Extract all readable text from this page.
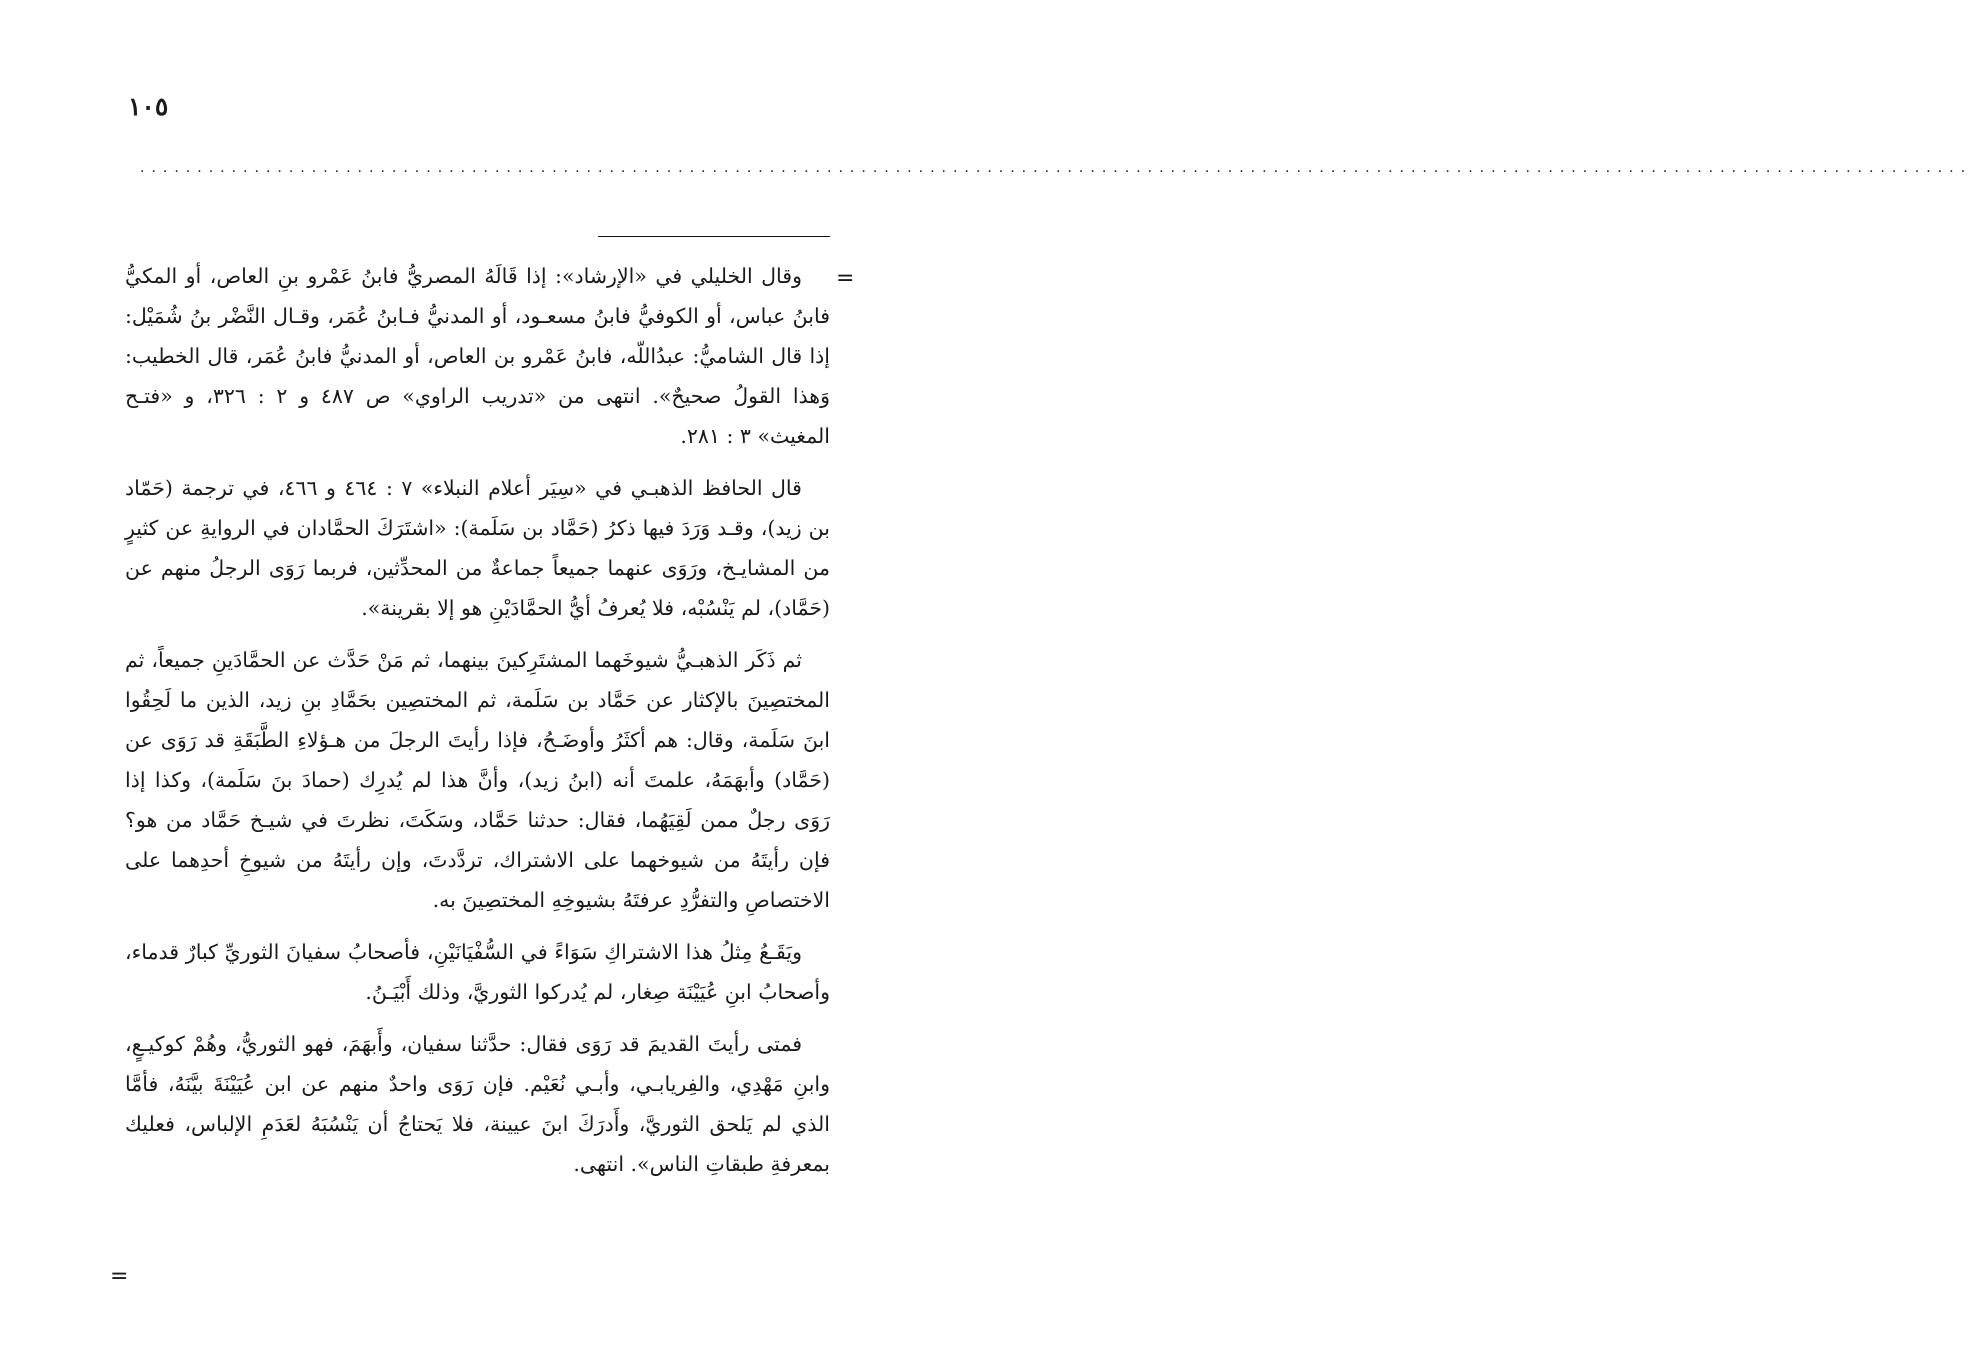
١٠٥
................................................................................................................................................................
=

وقال الخليلي في «الإرشاد»: إذا قَالَهُ المصريُّ فابنُ عَمْرو بنِ العاص، أو المكيُّ فابنُ عباس، أو الكوفيُّ فابنُ مسعـود، أو المدنيُّ فـابنُ عُمَر، وقـال النَّضْر بنُ شُمَيْل: إذا قال الشاميُّ: عبدُاللّه، فابنُ عَمْرو بن العاص، أو المدنيُّ فابنُ عُمَر، قال الخطيب: وَهذا القولُ صحيحٌ». انتهى من «تدريب الراوي» ص ٤٨٧ و ٢ : ٣٢٦، و «فتـح المغيث» ٣ : ٢٨١.

قال الحافظ الذهبـي في «سِيَر أعلام النبلاء» ٧ : ٤٦٤ و ٤٦٦، في ترجمة (حَمّاد بن زيد)، وقـد وَرَدَ فيها ذكرُ (حَمَّاد بن سَلَمة): «اشتَرَكَ الحمَّادان في الروايةِ عن كثيرٍ من المشايـخ، ورَوَى عنهما جميعاً جماعةٌ من المحدِّثين، فربما رَوَى الرجلُ منهم عن (حَمَّاد)، لم يَنْسُبْه، فلا يُعرفُ أيُّ الحمَّادَيْنِ هو إلا بقرينة».

ثم ذَكَر الذهبـيُّ شيوخَهما المشتَرِكينَ بينهما، ثم مَنْ حَدَّث عن الحمَّادَينِ جميعاً، ثم المختصِينَ بالإكثار عن حَمَّاد بن سَلَمة، ثم المختصِين بحَمَّادِ بنِ زيد، الذين ما لَحِقُوا ابنَ سَلَمة، وقال: هم أكثَرُ وأوضَـحُ، فإذا رأيتَ الرجلَ من هـؤلاءِ الطَّبَقَةِ قد رَوَى عن (حَمَّاد) وأبهَمَهُ، علمتَ أنه (ابنُ زيد)، وأنَّ هذا لم يُدرِك (حمادَ بنَ سَلَمة)، وكذا إذا رَوَى رجلٌ ممن لَقِيَهُما، فقال: حدثنا حَمَّاد، وسَكَتَ، نظرتَ في شيـخ حَمَّاد من هو؟ فإن رأيتَهُ من شيوخهما على الاشتراك، تردَّدتَ، وإن رأيتَهُ من شيوخِ أحدِهما على الاختصاصِ والتفرُّدِ عرفتَهُ بشيوخِهِ المختصِينَ به.

ويَقَـعُ مِثلُ هذا الاشتراكِ سَوَاءً في السُّفْيَانَيْنِ، فأصحابُ سفيانَ الثوريِّ كبارٌ قدماء، وأصحابُ ابنِ عُيَيْنَة صِغار، لم يُدركوا الثوريَّ، وذلك أَبْيَـنُ.

فمتى رأيتَ القديمَ قد رَوَى فقال: حدَّثنا سفيان، وأَبهَمَ، فهو الثوريُّ، وهُمْ كوكيـعٍ، وابنِ مَهْدِي، والفِريابـي، وأبـي نُعَيْم. فإن رَوَى واحدٌ منهم عن ابن عُيَيْنَةَ بيَّنَهُ، فأمَّا الذي لم يَلحق الثوريَّ، وأَدرَكَ ابنَ عيينة، فلا يَحتاجُ أن يَنْسُبَهُ لعَدَمِ الإلباس، فعليك بمعرفةِ طبقاتِ الناس». انتهى.

=
